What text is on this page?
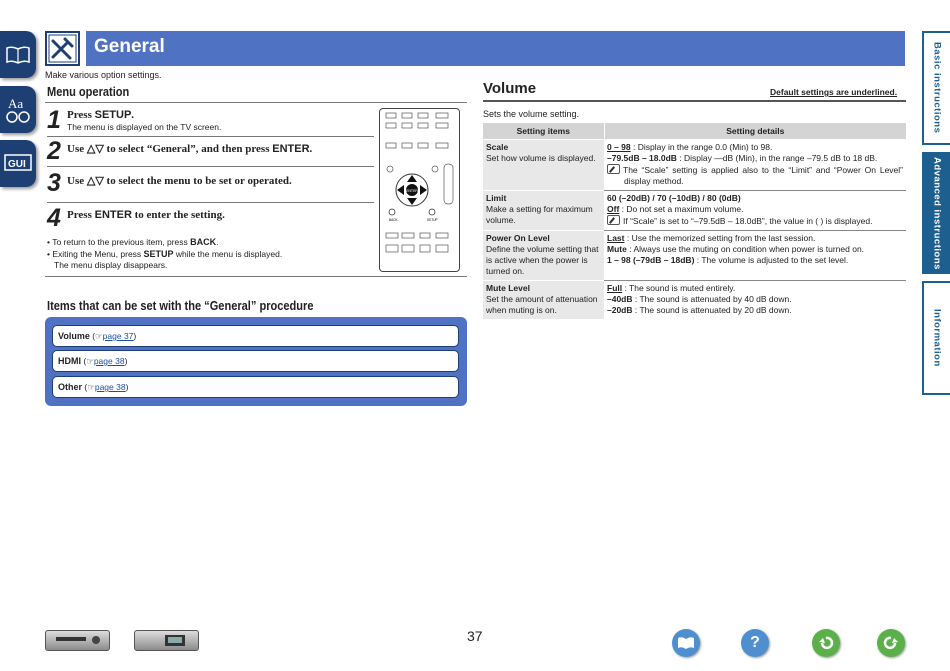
Aa
GUI
General
Make various option settings.	Basic instructions
Advanced instructions
Information
Menu operation
1 Press SETUP.
The menu is displayed on the TV screen.
2 Use △▽ to select “General”, and then press ENTER.
3 Use △▽ to select the menu to be set or operated.
4 Press ENTER to enter the setting.
• To return to the previous item, press BACK.
• Exiting the Menu, press SETUP while the menu is displayed.
The menu display disappears.
ENTER
BACK	SETUP
Items that can be set with the “General” procedure
Volume (☞page 37)
HDMI (☞page 38)
Other (☞page 38)
Volume	Default settings are underlined.
Sets the volume setting.
Setting items	Setting details
Scale
Set how volume is displayed.	0 – 98 : Display in the range 0.0 (Min) to 98.
–79.5dB – 18.0dB : Display —dB (Min), in the range –79.5 dB to 18 dB.

The “Scale” setting is applied also to the “Limit” and “Power On Level” display method.

Limit
Make a setting for maximum volume.	60 (–20dB) / 70 (–10dB) / 80 (0dB)
Off : Do not set a maximum volume.

If “Scale” is set to “–79.5dB – 18.0dB”, the value in ( ) is displayed.

Power On Level
Define the volume setting that is active when the power is turned on.	Last : Use the memorized setting from the last session.
Mute : Always use the muting on condition when power is turned on.
1 – 98 (–79dB – 18dB) : The volume is adjusted to the set level.
Mute Level
Set the amount of attenuation when muting is on.	Full : The sound is muted entirely.
–40dB : The sound is attenuated by 40 dB down.
–20dB : The sound is attenuated by 20 dB down.
37	?
